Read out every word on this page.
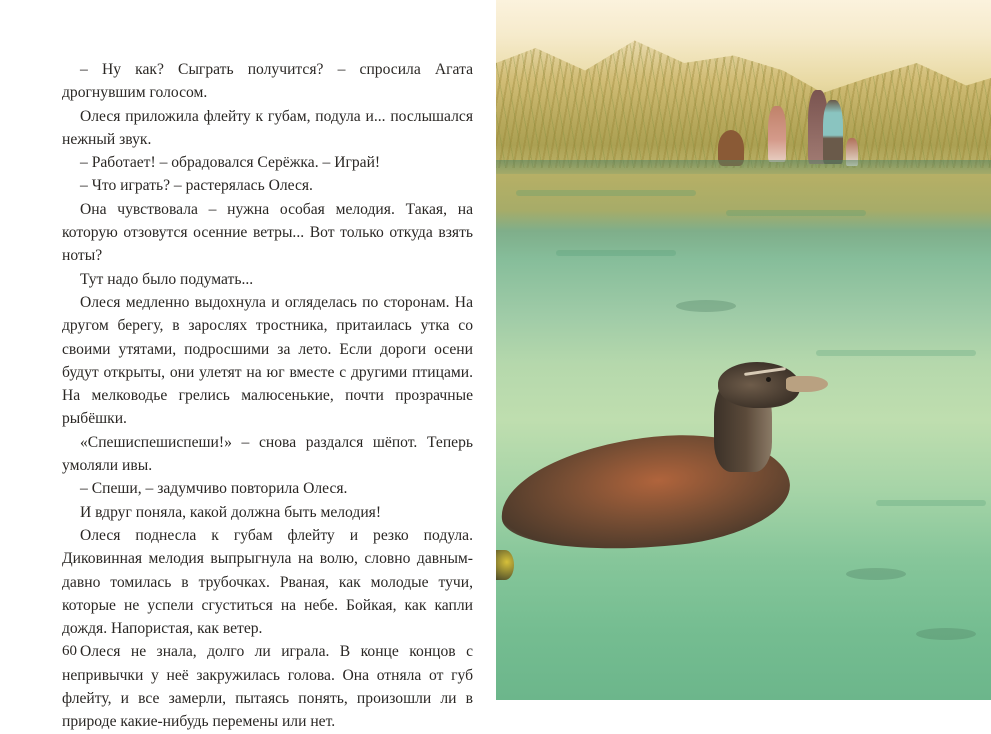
– Ну как? Сыграть получится? – спросила Агата дрогнувшим голосом.

Олеся приложила флейту к губам, подула и... послышался нежный звук.

– Работает! – обрадовался Серёжка. – Играй!

– Что играть? – растерялась Олеся.

Она чувствовала – нужна особая мелодия. Такая, на которую отзовутся осенние ветры... Вот только откуда взять ноты?

Тут надо было подумать...

Олеся медленно выдохнула и огляделась по сторонам. На другом берегу, в зарослях тростника, притаилась утка со своими утятами, подросшими за лето. Если дороги осени будут открыты, они улетят на юг вместе с другими птицами. На мелководье грелись малюсенькие, почти прозрачные рыбёшки.

«Спешиспешиспеши!» – снова раздался шёпот. Теперь умоляли ивы.

– Спеши, – задумчиво повторила Олеся.

И вдруг поняла, какой должна быть мелодия!

Олеся поднесла к губам флейту и резко подула. Диковинная мелодия выпрыгнула на волю, словно давным-давно томилась в трубочках. Рваная, как молодые тучи, которые не успели сгуститься на небе. Бойкая, как капли дождя. Напористая, как ветер.

Олеся не знала, долго ли играла. В конце концов с непривычки у неё закружилась голова. Она отняла от губ флейту, и все замерли, пытаясь понять, произошли ли в природе какие-нибудь перемены или нет.

60
